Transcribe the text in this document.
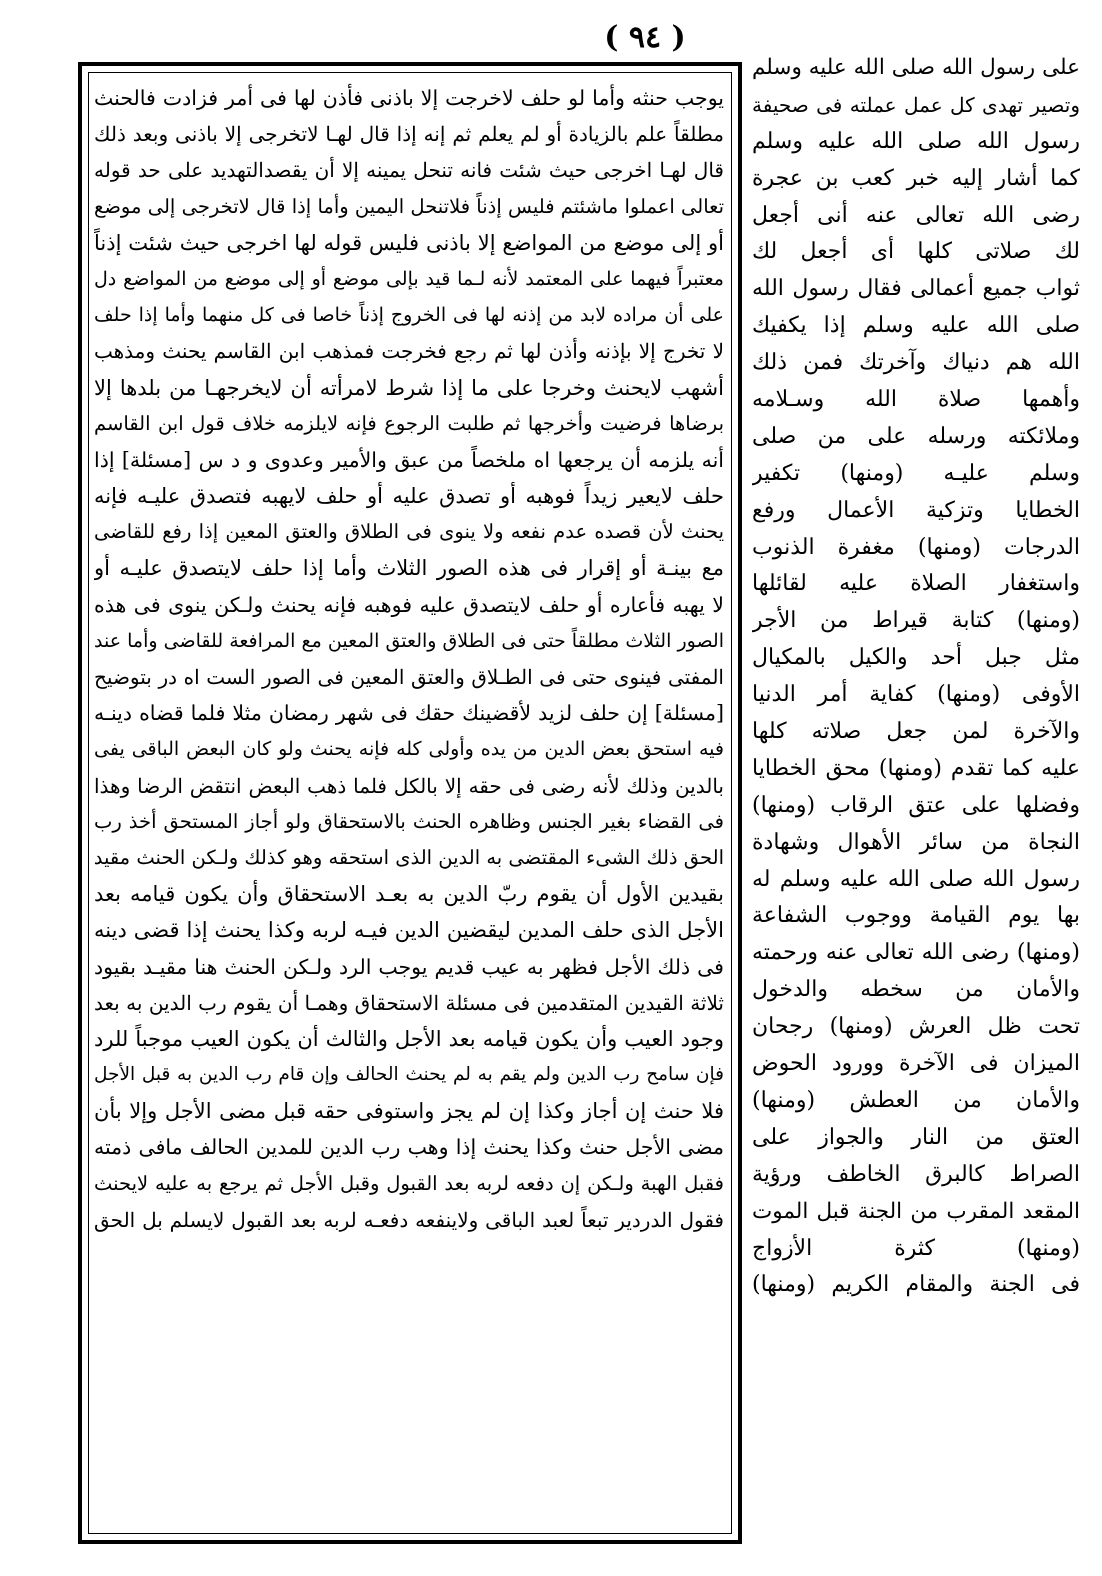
( ٩٤ )
يوجب حنثه وأما لو حلف لاخرجت إلا باذنى فأذن لها فى أمر فزادت فالحنث
مطلقاً علم بالزيادة أو لم يعلم ثم إنه إذا قال لهـا لاتخرجى إلا باذنى وبعد ذلك
قال لهـا اخرجى حيث شئت فانه تنحل يمينه إلا أن يقصدالتهديد على حد قوله
تعالى اعملوا ماشئتم فليس إذناً فلاتنحل اليمين وأما إذا قال لاتخرجى إلى موضع
أو إلى موضع من المواضع إلا باذنى فليس قوله لها اخرجى حيث شئت إذناً
معتبراً فيهما على المعتمد لأنه لـما قيد بإلى موضع أو إلى موضع من المواضع دل
على أن مراده لابد من إذنه لها فى الخروج إذناً خاصا فى كل منهما وأما إذا حلف
لا تخرج إلا بإذنه وأذن لها ثم رجع فخرجت فمذهب ابن القاسم يحنث ومذهب
أشهب لايحنث وخرجا على ما إذا شرط لامرأته أن لايخرجهـا من بلدها إلا
برضاها فرضيت وأخرجها ثم طلبت الرجوع فإنه لايلزمه خلاف قول ابن القاسم
أنه يلزمه أن يرجعها اه ملخصاً من عبق والأمير وعدوى و د س [مسئلة] إذا
حلف لايعير زيداً فوهبه أو تصدق عليه أو حلف لايهبه فتصدق عليـه فإنه
يحنث لأن قصده عدم نفعه ولا ينوى فى الطلاق والعتق المعين إذا رفع للقاضى
مع بينـة أو إقرار فى هذه الصور الثلاث وأما إذا حلف لايتصدق عليـه أو
لا يهبه فأعاره أو حلف لايتصدق عليه فوهبه فإنه يحنث ولـكن ينوى فى هذه
الصور الثلاث مطلقاً حتى فى الطلاق والعتق المعين مع المرافعة للقاضى وأما عند
المفتى فينوى حتى فى الطـلاق والعتق المعين فى الصور الست اه در بتوضيح
[مسئلة] إن حلف لزيد لأقضينك حقك فى شهر رمضان مثلا فلما قضاه دينـه
فيه استحق بعض الدين من يده وأولى كله فإنه يحنث ولو كان البعض الباقى يفى
بالدين وذلك لأنه رضى فى حقه إلا بالكل فلما ذهب البعض انتقض الرضا وهذا
فى القضاء بغير الجنس وظاهره الحنث بالاستحقاق ولو أجاز المستحق أخذ رب
الحق ذلك الشىء المقتضى به الدين الذى استحقه وهو كذلك ولـكن الحنث مقيد
بقيدين الأول أن يقوم ربّ الدين به بعـد الاستحقاق وأن يكون قيامه بعد
الأجل الذى حلف المدين ليقضين الدين فيـه لربه وكذا يحنث إذا قضى دينه
فى ذلك الأجل فظهر به عيب قديم يوجب الرد ولـكن الحنث هنا مقيـد بقيود
ثلاثة القيدين المتقدمين فى مسئلة الاستحقاق وهمـا أن يقوم رب الدين به بعد
وجود العيب وأن يكون قيامه بعد الأجل والثالث أن يكون العيب موجباً للرد
فإن سامح رب الدين ولم يقم به لم يحنث الحالف وإن قام رب الدين به قبل الأجل
فلا حنث إن أجاز وكذا إن لم يجز واستوفى حقه قبل مضى الأجل وإلا بأن
مضى الأجل حنث وكذا يحنث إذا وهب رب الدين للمدين الحالف مافى ذمته
فقبل الهبة ولـكن إن دفعه لربه بعد القبول وقبل الأجل ثم يرجع به عليه لايحنث
فقول الدردير تبعاً لعبد الباقى ولاينفعه دفعـه لربه بعد القبول لايسلم بل الحق
على رسول الله صلى الله عليه وسلم
وتصير تهدى كل عمل عملته فى صحيفة
رسول الله صلى الله عليه وسلم
كما أشار إليه خبر كعب بن عجرة
رضى الله تعالى عنه أنى أجعل
لك صلاتى كلها أى أجعل لك
ثواب جميع أعمالى فقال رسول الله
صلى الله عليه وسلم إذا يكفيك
الله هم دنياك وآخرتك فمن ذلك
وأهمها صلاة الله وسـلامه
وملائكته ورسله على من صلى
وسلم عليـه (ومنها) تكفير
الخطايا وتزكية الأعمال ورفع
الدرجات (ومنها) مغفرة الذنوب
واستغفار الصلاة عليه لقائلها
(ومنها) كتابة قيراط من الأجر
مثل جبل أحد والكيل بالمكيال
الأوفى (ومنها) كفاية أمر الدنيا
والآخرة لمن جعل صلاته كلها
عليه كما تقدم (ومنها) محق الخطايا
وفضلها على عتق الرقاب (ومنها)
النجاة من سائر الأهوال وشهادة
رسول الله صلى الله عليه وسلم له
بها يوم القيامة ووجوب الشفاعة
(ومنها) رضى الله تعالى عنه ورحمته
والأمان من سخطه والدخول
تحت ظل العرش (ومنها) رجحان
الميزان فى الآخرة وورود الحوض
والأمان من العطش (ومنها)
العتق من النار والجواز على
الصراط كالبرق الخاطف ورؤية
المقعد المقرب من الجنة قبل الموت
(ومنها) كثرة الأزواج
فى الجنة والمقام الكريم (ومنها)
